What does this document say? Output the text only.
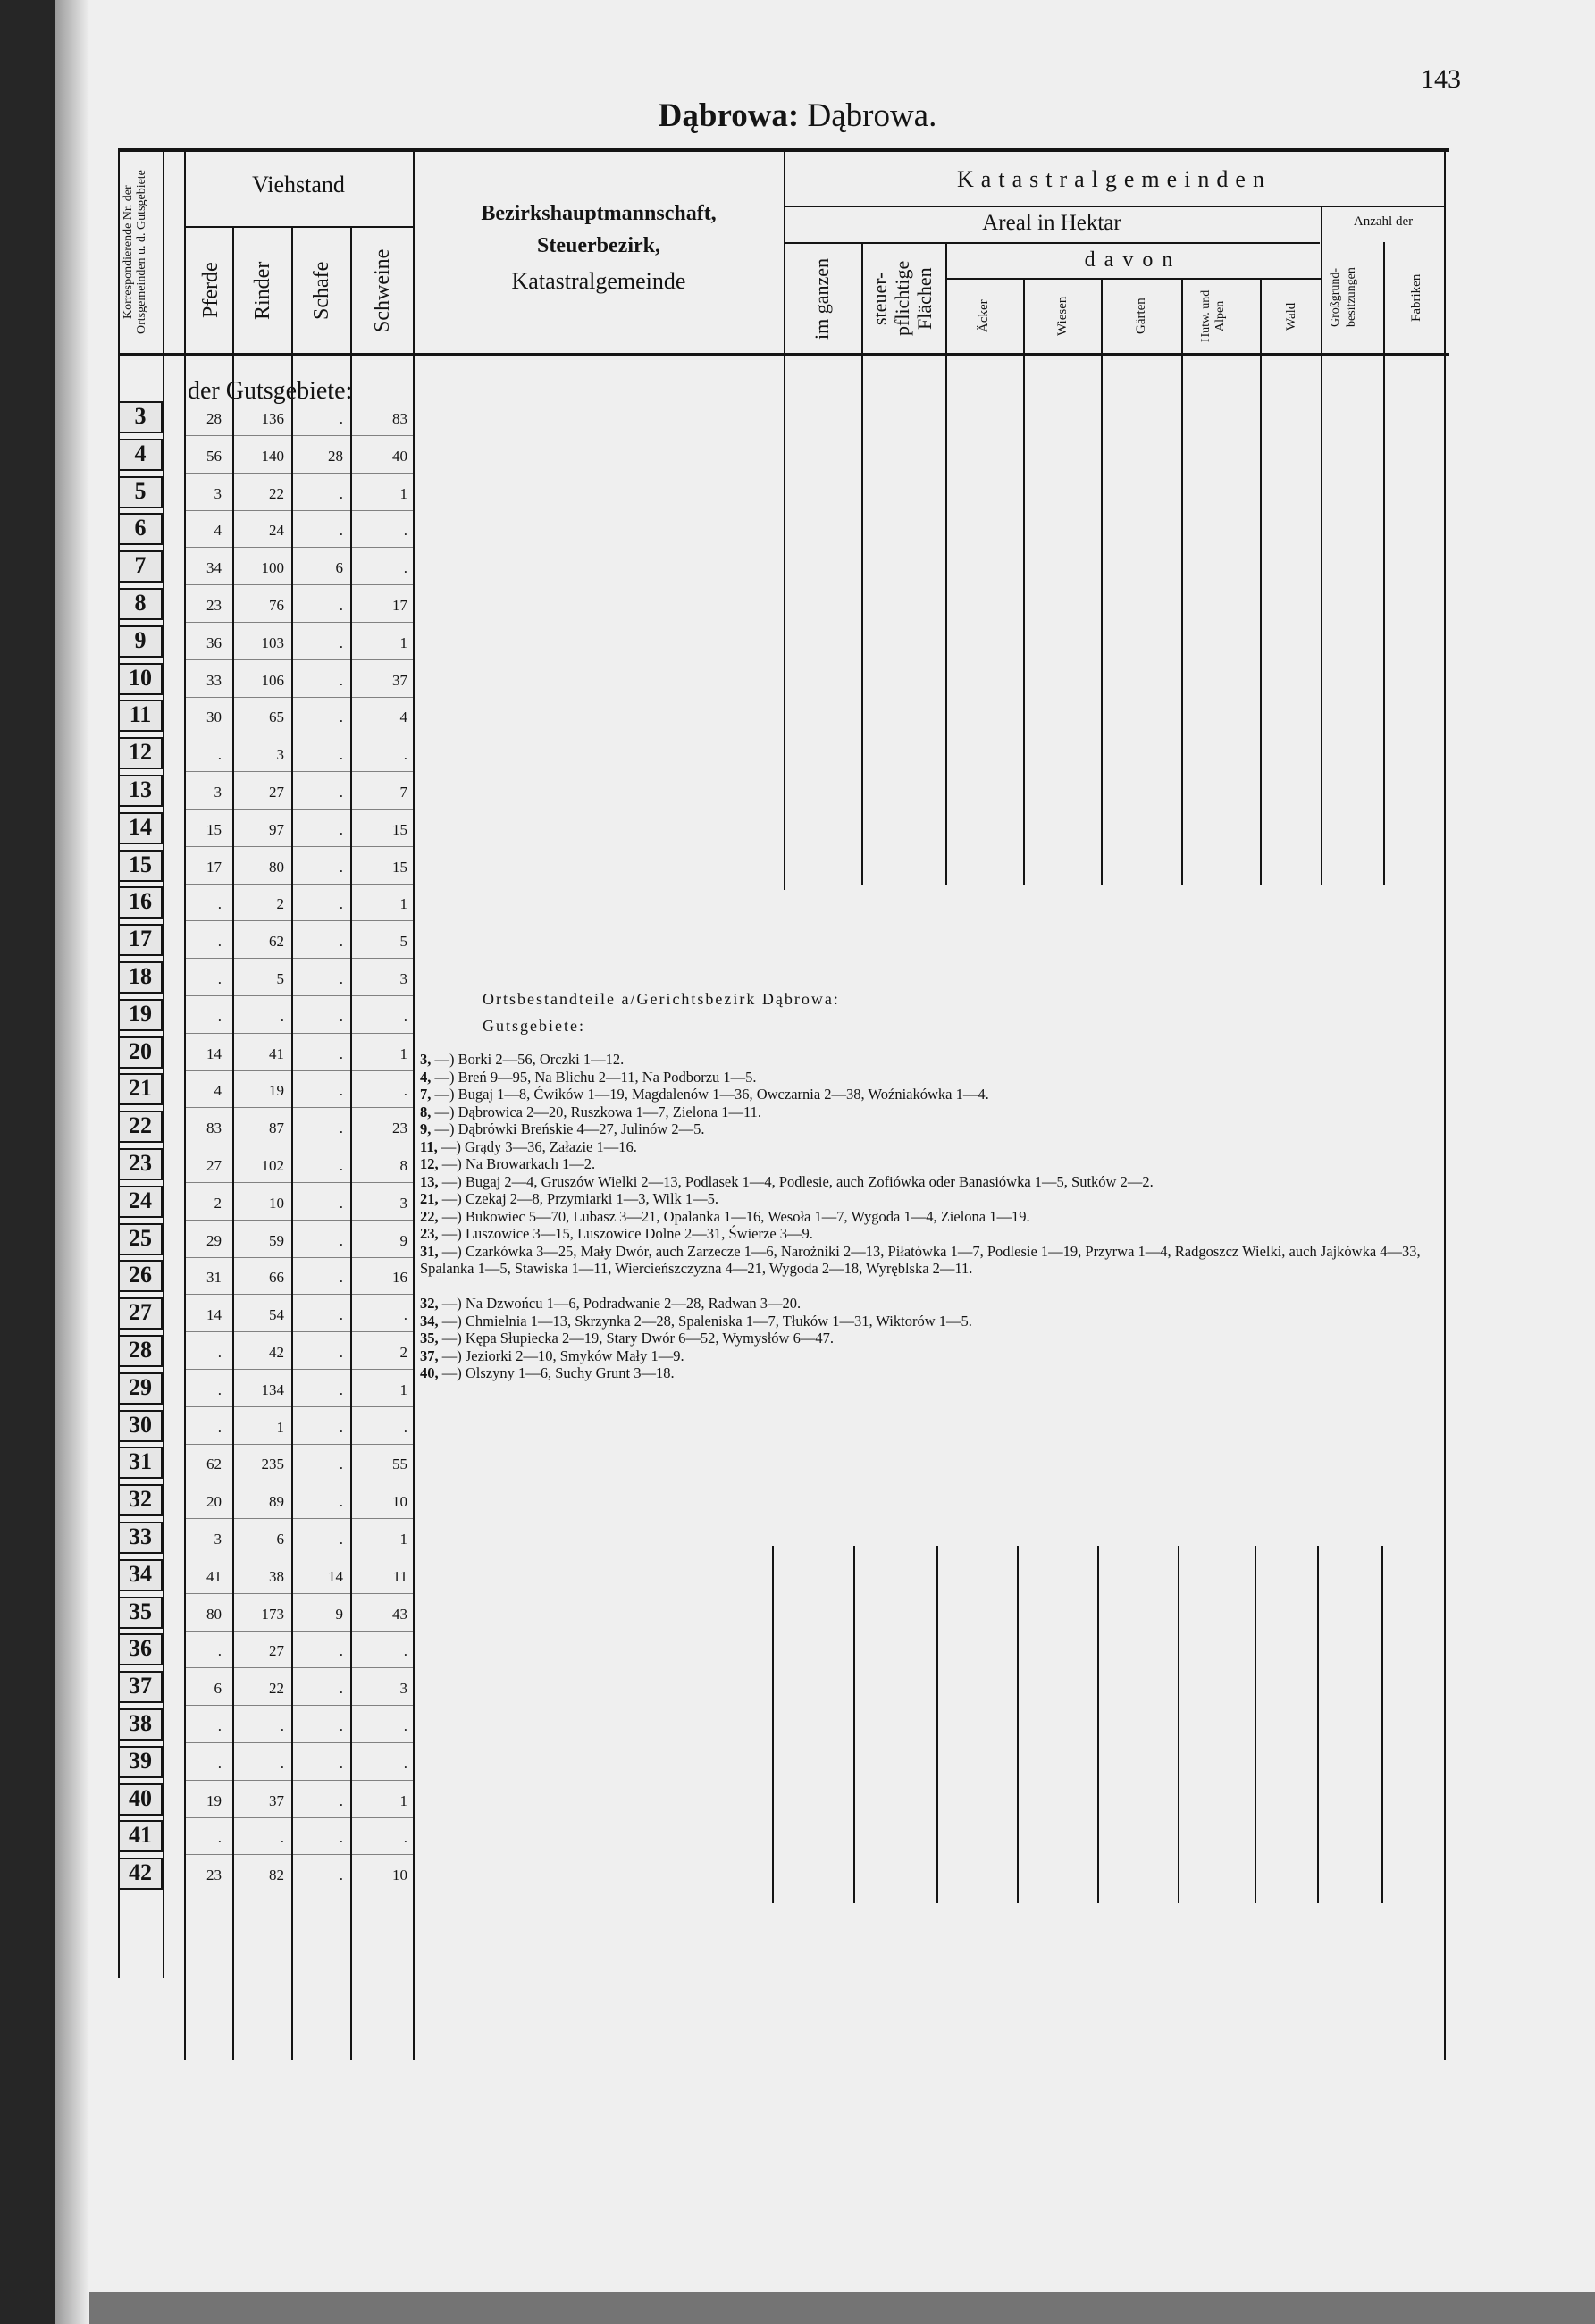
143
Dąbrowa: Dąbrowa.
Korrespondierende Nr. der Ortsgemeinden u. d. Gutsgebiete	Viehstand
Pferde Rinder Schafe Schweine
Bezirkshauptmannschaft,
Steuerbezirk,
Katastralgemeinde
Katastralgemeinden
Areal in Hektar	Anzahl der
im ganzen	steuer-pflichtige Flächen
davon
Äcker	Wiesen	Gärten	Hutw. und Alpen	Wald	Großgrund-besitzungen	Fabriken
der Gutsgebiete:
3	28	136	.	83
4	56	140	28	40
5	3	22	.	1
6	4	24	.	.
7	34	100	6	.
8	23	76	.	17
9	36	103	.	1
10	33	106	.	37
11	30	65	.	4
12	.	3	.	.
13	3	27	.	7
14	15	97	.	15
15	17	80	.	15
16	.	2	.	1
17	.	62	.	5
18	.	5	.	3
19	.	.	.	.
20	14	41	.	1
21	4	19	.	.
22	83	87	.	23
23	27	102	.	8
24	2	10	.	3
25	29	59	.	9
26	31	66	.	16
27	14	54	.	.
28	.	42	.	2
29	.	134	.	1
30	.	1	.	.
31	62	235	.	55
32	20	89	.	10
33	3	6	.	1
34	41	38	14	11
35	80	173	9	43
36	.	27	.	.
37	6	22	.	3
38	.	.	.	.
39	.	.	.	.
40	19	37	.	1
41	.	.	.	.
42	23	82	.	10
3, —) Borki 2—56, Orczki 1—12.
4, —) Breń 9—95, Na Blichu 2—11, Na Podborzu 1—5.
7, —) Bugaj 1—8, Ćwików 1—19, Magdalenów 1—36, Owczarnia 2—38, Woźniakówka 1—4.
8, —) Dąbrowica 2—20, Ruszkowa 1—7, Zielona 1—11.
9, —) Dąbrówki Breńskie 4—27, Julinów 2—5.
11, —) Grądy 3—36, Załazie 1—16.
12, —) Na Browarkach 1—2.
13, —) Bugaj 2—4, Gruszów Wielki 2—13, Podlasek 1—4, Podlesie, auch Zofiówka oder Banasiówka 1—5, Sutków 2—2.
21, —) Czekaj 2—8, Przymiarki 1—3, Wilk 1—5.
22, —) Bukowiec 5—70, Lubasz 3—21, Opalanka 1—16, Wesoła 1—7, Wygoda 1—4, Zielona 1—19.
23, —) Luszowice 3—15, Luszowice Dolne 2—31, Świerze 3—9.
31, —) Czarkówka 3—25, Mały Dwór, auch Zarzecze 1—6, Narożniki 2—13, Piłatówka 1—7, Podlesie 1—19, Przyrwa 1—4, Radgoszcz Wielki, auch Jajkówka 4—33, Spalanka 1—5, Stawiska 1—11, Wiercieńszczyzna 4—21, Wygoda 2—18, Wyręblska 2—11.
32, —) Na Dzwońcu 1—6, Podradwanie 2—28, Radwan 3—20.
34, —) Chmielnia 1—13, Skrzynka 2—28, Spaleniska 1—7, Tłuków 1—31, Wiktorów 1—5.
35, —) Kępa Słupiecka 2—19, Stary Dwór 6—52, Wymysłów 6—47.
37, —) Jeziorki 2—10, Smyków Mały 1—9.
40, —) Olszyny 1—6, Suchy Grunt 3—18.
Ortsbestandteile a/Gerichtsbezirk Dąbrowa:
Gutsgebiete:
